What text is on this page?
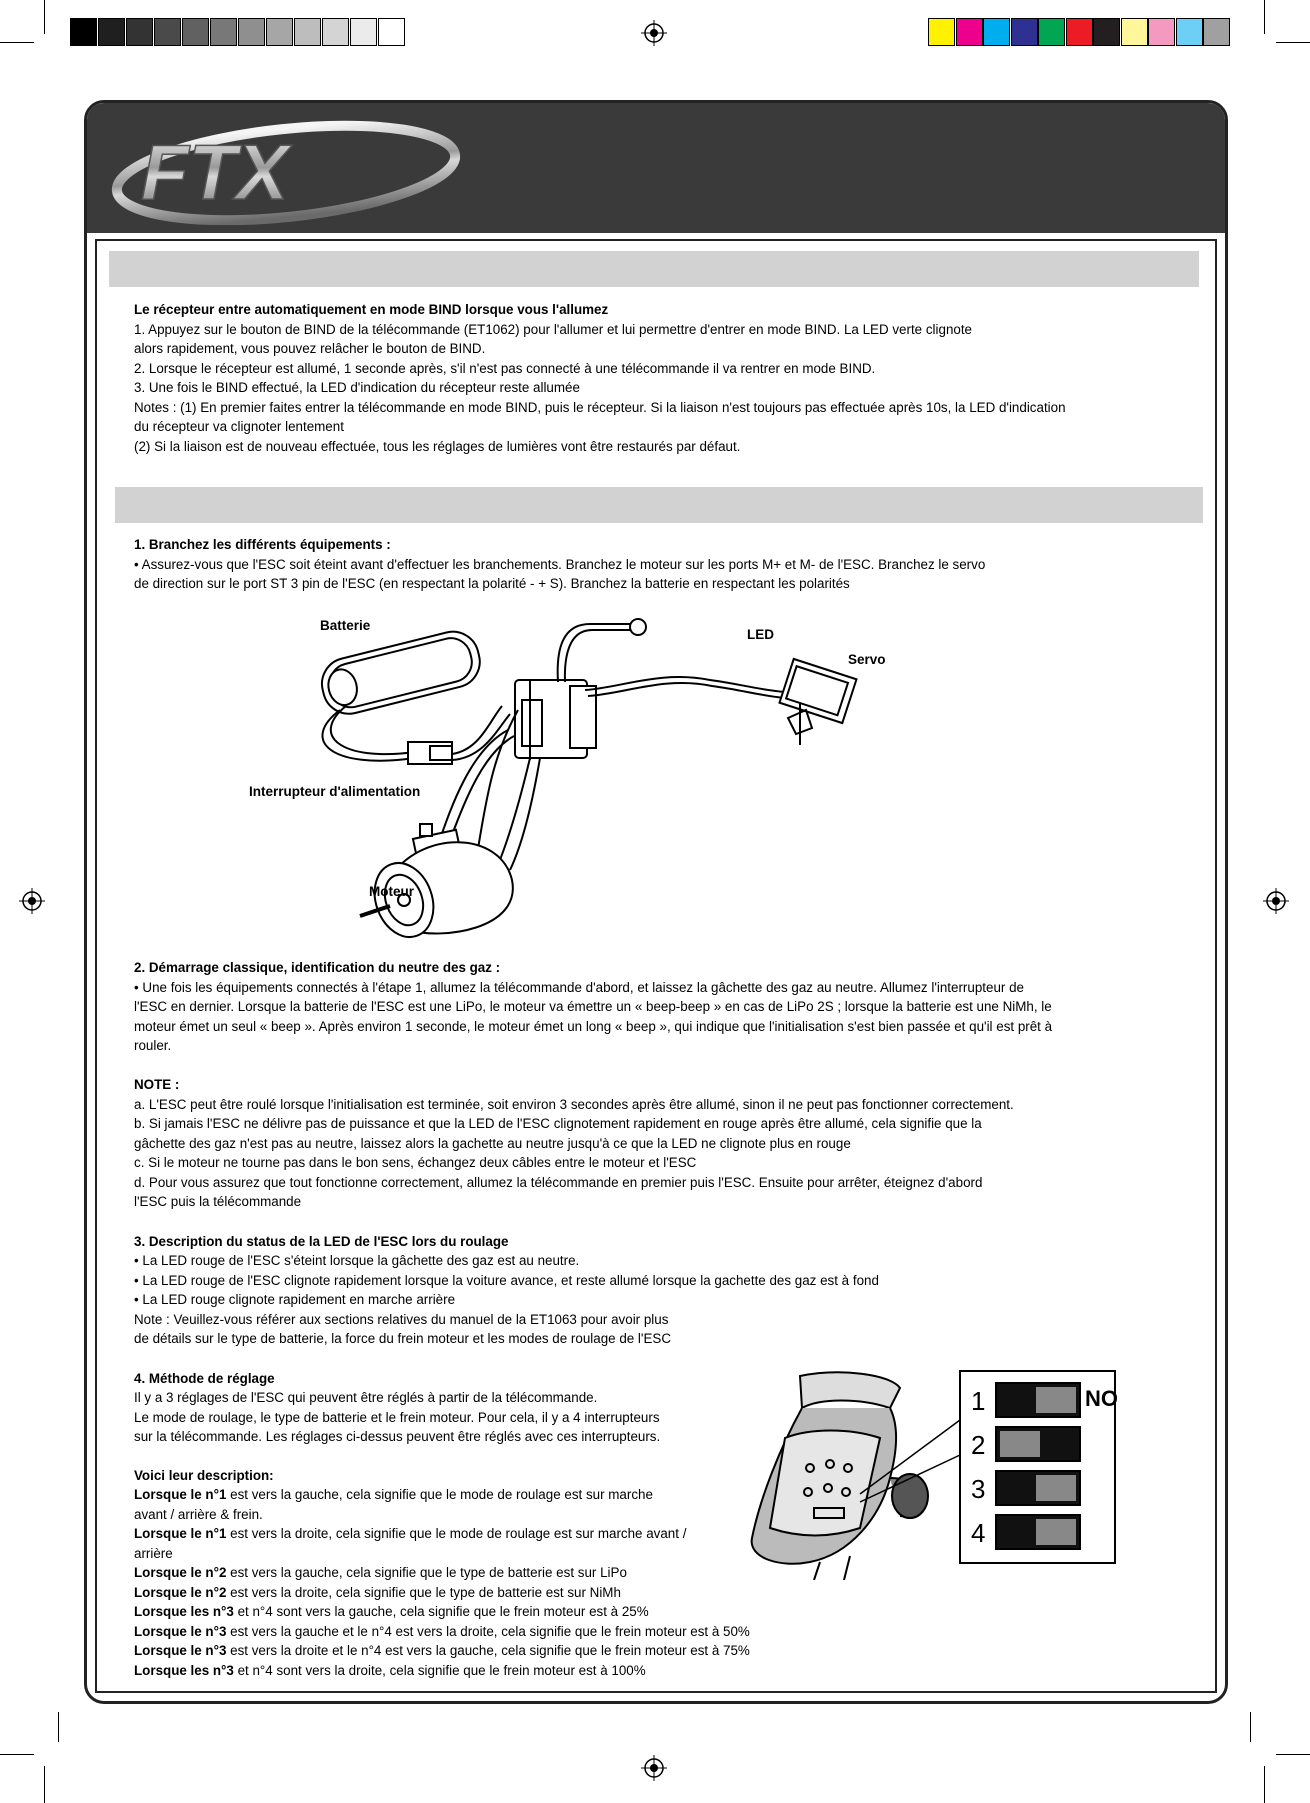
FTX
Le récepteur entre automatiquement en mode BIND lorsque vous l'allumez
1. Appuyez sur le bouton de BIND de la télécommande (ET1062) pour l'allumer et lui permettre d'entrer en mode BIND. La LED verte clignote
alors rapidement, vous pouvez relâcher le bouton de BIND.
2. Lorsque le récepteur est allumé, 1 seconde après, s'il n'est pas connecté à une télécommande il va rentrer en mode BIND.
3. Une fois le BIND effectué, la LED d'indication du récepteur reste allumée
Notes : (1) En premier faites entrer la télécommande en mode BIND, puis le récepteur. Si la liaison n'est toujours pas effectuée après 10s, la LED d'indication
du récepteur va clignoter lentement
(2) Si la liaison est de nouveau effectuée, tous les réglages de lumières vont être restaurés par défaut.
1. Branchez les différents équipements :
• Assurez-vous que l'ESC soit éteint avant d'effectuer les branchements. Branchez le moteur sur les ports M+ et M- de l'ESC. Branchez le servo
de direction sur le port ST 3 pin de l'ESC (en respectant la polarité - + S). Branchez la batterie en respectant les polarités
Batterie
LED
Servo
Interrupteur d'alimentation
Moteur
2. Démarrage classique, identification du neutre des gaz :
• Une fois les équipements connectés à l'étape 1, allumez la télécommande d'abord, et laissez la gâchette des gaz au neutre. Allumez l'interrupteur de
l'ESC en dernier. Lorsque la batterie de l'ESC est une LiPo, le moteur va émettre un « beep-beep » en cas de LiPo 2S ; lorsque la batterie est une NiMh, le
moteur émet un seul « beep ». Après environ 1 seconde, le moteur émet un long « beep », qui indique que l'initialisation s'est bien passée et qu'il est prêt à
rouler.
NOTE :
a. L'ESC peut être roulé lorsque l'initialisation est terminée, soit environ 3 secondes après être allumé, sinon il ne peut pas fonctionner correctement.
b. Si jamais l'ESC ne délivre pas de puissance et que la LED de l'ESC clignotement rapidement en rouge après être allumé, cela signifie que la
gâchette des gaz n'est pas au neutre, laissez alors la gachette au neutre jusqu'à ce que la LED ne clignote plus en rouge
c. Si le moteur ne tourne pas dans le bon sens, échangez deux câbles entre le moteur et l'ESC
d. Pour vous assurez que tout fonctionne correctement, allumez la télécommande en premier puis l'ESC. Ensuite pour arrêter, éteignez d'abord
l'ESC puis la télécommande
3. Description du status de la LED de l'ESC lors du roulage
• La LED rouge de l'ESC s'éteint lorsque la gâchette des gaz est au neutre.
• La LED rouge de l'ESC clignote rapidement lorsque la voiture avance, et reste allumé lorsque la gachette des gaz est à fond
• La LED rouge clignote rapidement en marche arrière
Note : Veuillez-vous référer aux sections relatives du manuel de la ET1063 pour avoir plus
de détails sur le type de batterie, la force du frein moteur et les modes de roulage de l'ESC
4. Méthode de réglage
Il y a 3 réglages de l'ESC qui peuvent être réglés à partir de la télécommande.
Le mode de roulage, le type de batterie et le frein moteur. Pour cela, il y a 4 interrupteurs
sur la télécommande. Les réglages ci-dessus peuvent être réglés avec ces interrupteurs.
Voici leur description:
Lorsque le n°1 est vers la gauche, cela signifie que le mode de roulage est sur marche
avant / arrière & frein.
Lorsque le n°1 est vers la droite, cela signifie que le mode de roulage est sur marche avant /
arrière
Lorsque le n°2 est vers la gauche, cela signifie que le type de batterie est sur LiPo
Lorsque le n°2 est vers la droite, cela signifie que le type de batterie est sur NiMh
Lorsque les n°3 et n°4 sont vers la gauche, cela signifie que le frein moteur est à 25%
Lorsque le n°3 est vers la gauche et le n°4 est vers la droite, cela signifie que le frein moteur est à 50%
Lorsque le n°3 est vers la droite et le n°4 est vers la gauche, cela signifie que le frein moteur est à 75%
Lorsque les n°3 et n°4 sont vers la droite, cela signifie que le frein moteur est à 100%
1
2
3
4
NO
